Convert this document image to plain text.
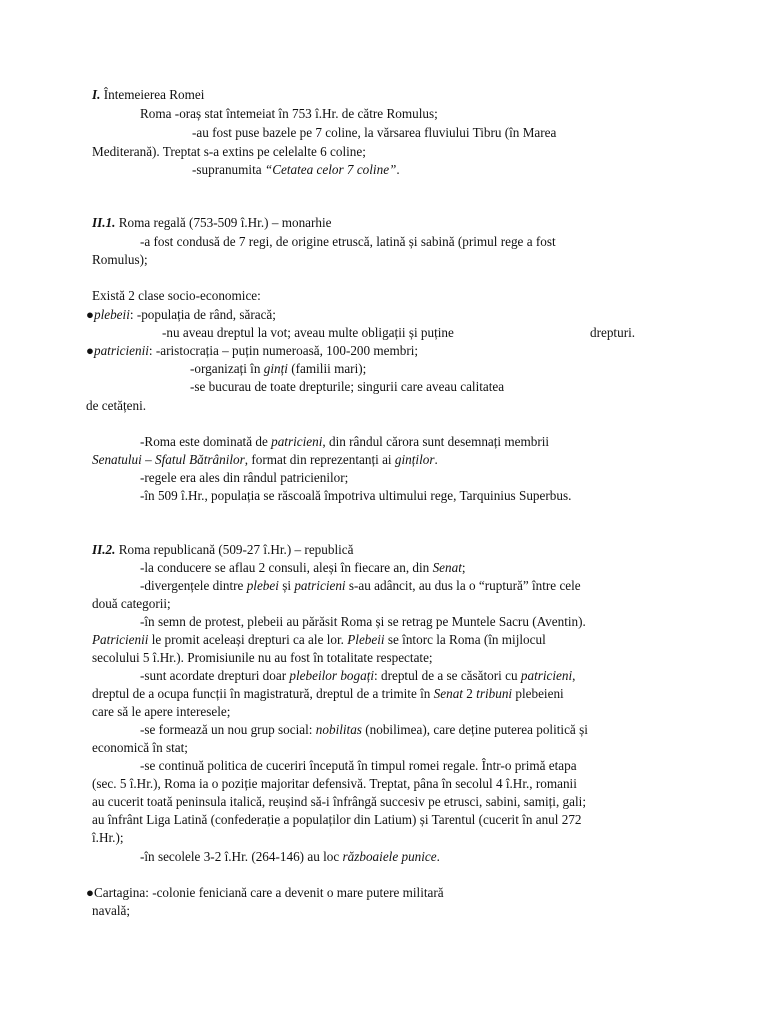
I. Întemeierea Romei
Roma -oraș stat întemeiat în 753 î.Hr. de către Romulus;
-au fost puse bazele pe 7 coline, la vărsarea fluviului Tibru (în Marea
Mediterană). Treptat s-a extins pe celelalte 6 coline;
-supranumita “Cetatea celor 7 coline”.
II.1. Roma regală (753-509 î.Hr.) – monarhie
-a fost condusă de 7 regi, de origine etruscă, latină și sabină (primul rege a fost
Romulus);
Există 2 clase socio-economice:
●plebeii: -populația de rând, săracă;
-nu aveau dreptul la vot; aveau multe obligații și puține	drepturi.
●patricienii: -aristocrația – puțin numeroasă, 100-200 membri;
-organizați în ginți (familii mari);
-se bucurau de toate drepturile; singurii care aveau calitatea
de cetățeni.
-Roma este dominată de patricieni, din rândul cărora sunt desemnați membrii
Senatului – Sfatul Bătrânilor, format din reprezentanți ai ginților.
-regele era ales din rândul patricienilor;
-în 509 î.Hr., populația se răscoală împotriva ultimului rege, Tarquinius Superbus.
II.2. Roma republicană (509-27 î.Hr.) – republică
-la conducere se aflau 2 consuli, aleși în fiecare an, din Senat;
-divergențele dintre plebei și patricieni s-au adâncit, au dus la o “ruptură” între cele
două categorii;
-în semn de protest, plebeii au părăsit Roma și se retrag pe Muntele Sacru (Aventin).
Patricienii le promit aceleași drepturi ca ale lor. Plebeii se întorc la Roma (în mijlocul
secolului 5 î.Hr.). Promisiunile nu au fost în totalitate respectate;
-sunt acordate drepturi doar plebeilor bogați: dreptul de a se căsători cu patricieni,
dreptul de a ocupa funcții în magistratură, dreptul de a trimite în Senat 2 tribuni plebeieni
care să le apere interesele;
-se formează un nou grup social: nobilitas (nobilimea), care deține puterea politică și
economică în stat;
-se continuă politica de cuceriri începută în timpul romei regale. Într-o primă etapa
(sec. 5 î.Hr.), Roma ia o poziție majoritar defensivă. Treptat, pâna în secolul 4 î.Hr., romanii
au cucerit toată peninsula italică, reușind să-i înfrângă succesiv pe etrusci, sabini, samiți, gali;
au înfrânt Liga Latină (confederație a populaților din Latium) și Tarentul (cucerit în anul 272
î.Hr.);
-în secolele 3-2 î.Hr. (264-146) au loc războaiele punice.
●Cartagina: -colonie feniciană care a devenit o mare putere militară
navală;
